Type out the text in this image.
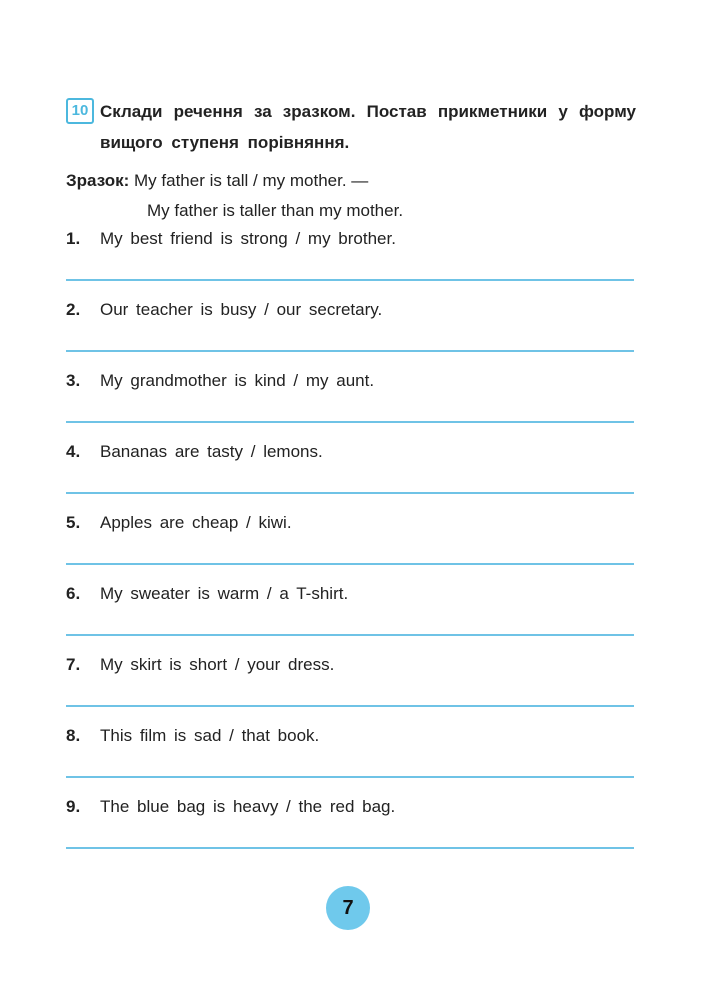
10 Склади речення за зразком. Постав прикметники у форму вищого ступеня порівняння.
Зразок: My father is tall / my mother. —
My father is taller than my mother.
1. My best friend is strong / my brother.
2. Our teacher is busy / our secretary.
3. My grandmother is kind / my aunt.
4. Bananas are tasty / lemons.
5. Apples are cheap / kiwi.
6. My sweater is warm / a T-shirt.
7. My skirt is short / your dress.
8. This film is sad / that book.
9. The blue bag is heavy / the red bag.
7
